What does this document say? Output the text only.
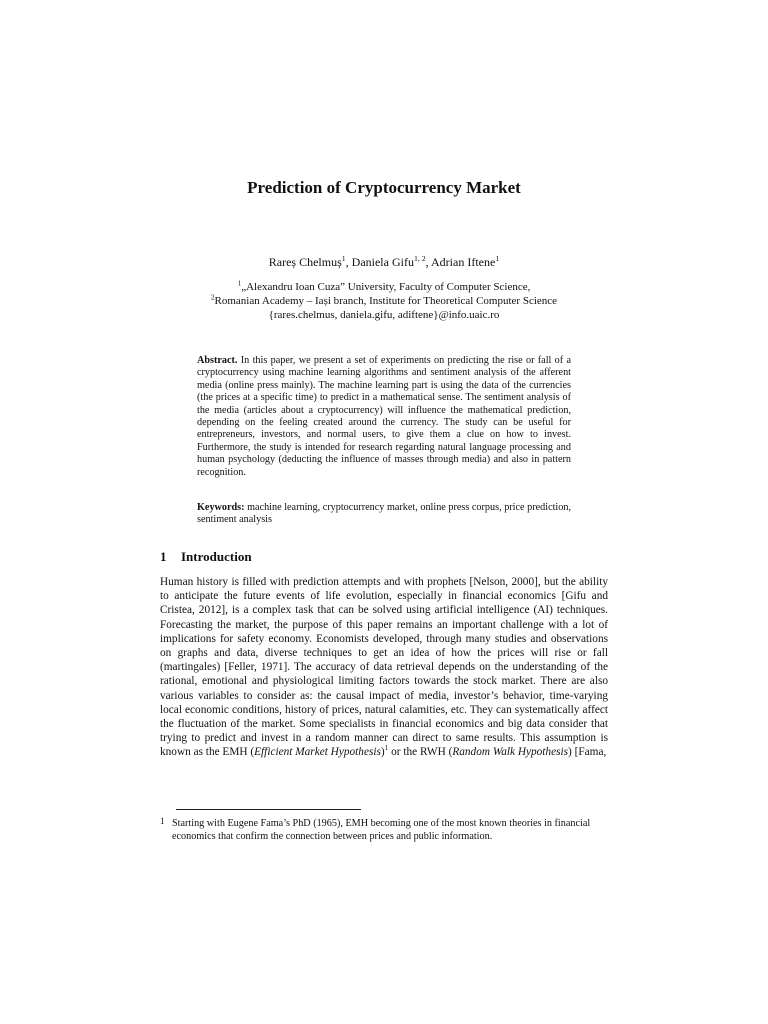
Prediction of Cryptocurrency Market
Rareș Chelmuș$^1$, Daniela Gifu$^{1, 2}$, Adrian Iftene$^1$
$^1$„Alexandru Ioan Cuza” University, Faculty of Computer Science,
$^2$Romanian Academy – Iași branch, Institute for Theoretical Computer Science
{rares.chelmus, daniela.gifu, adiftene}@info.uaic.ro
Abstract. In this paper, we present a set of experiments on predicting the rise or fall of a cryptocurrency using machine learning algorithms and sentiment analysis of the afferent media (online press mainly). The machine learning part is using the data of the currencies (the prices at a specific time) to predict in a mathematical sense. The sentiment analysis of the media (articles about a cryptocurrency) will influence the mathematical prediction, depending on the feeling created around the currency. The study can be useful for entrepreneurs, investors, and normal users, to give them a clue on how to invest. Furthermore, the study is intended for research regarding natural language processing and human psychology (deducting the influence of masses through media) and also in pattern recognition.
Keywords: machine learning, cryptocurrency market, online press corpus, price prediction, sentiment analysis
1 Introduction
Human history is filled with prediction attempts and with prophets [Nelson, 2000], but the ability to anticipate the future events of life evolution, especially in financial economics [Gifu and Cristea, 2012], is a complex task that can be solved using artificial intelligence (AI) techniques. Forecasting the market, the purpose of this paper remains an important challenge with a lot of implications for safety economy. Economists developed, through many studies and observations on graphs and data, diverse techniques to get an idea of how the prices will rise or fall (martingales) [Feller, 1971]. The accuracy of data retrieval depends on the understanding of the rational, emotional and physiological limiting factors towards the stock market. There are also various variables to consider as: the causal impact of media, investor’s behavior, time-varying local economic conditions, history of prices, natural calamities, etc. They can systematically affect the fluctuation of the market. Some specialists in financial economics and big data consider that trying to predict and invest in a random manner can direct to same results. This assumption is known as the EMH (Efficient Market Hypothesis)$^1$ or the RWH (Random Walk Hypothesis) [Fama,
1 Starting with Eugene Fama’s PhD (1965), EMH becoming one of the most known theories in financial economics that confirm the connection between prices and public information.
